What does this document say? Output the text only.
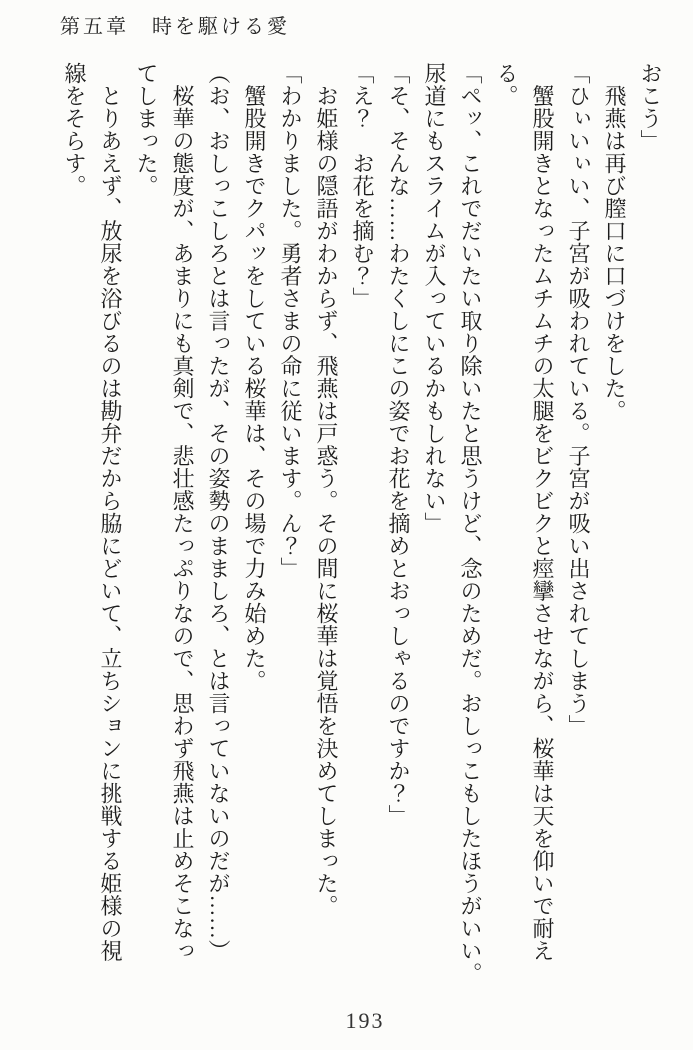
第五章　時を駆ける愛
おこう」
　飛燕は再び膣口に口づけをした。
「ひぃいぃい、子宮が吸われている。子宮が吸い出されてしまう」
　蟹股開きとなったムチムチの太腿をビクビクと痙攣させながら、桜華は天を仰いで耐え
る。
「ペッ、これでだいたい取り除いたと思うけど、念のためだ。おしっこもしたほうがいい。
尿道にもスライムが入っているかもしれない」
「そ、そんな……わたくしにこの姿でお花を摘めとおっしゃるのですか？」
「え？　お花を摘む？」
　お姫様の隠語がわからず、飛燕は戸惑う。その間に桜華は覚悟を決めてしまった。
「わかりました。勇者さまの命に従います。ん？」
　蟹股開きでクパッをしている桜華は、その場で力み始めた。
（お、おしっこしろとは言ったが、その姿勢のまましろ、とは言っていないのだが……）
　桜華の態度が、あまりにも真剣で、悲壮感たっぷりなので、思わず飛燕は止めそこなっ
てしまった。
　とりあえず、放尿を浴びるのは勘弁だから脇にどいて、立ちションに挑戦する姫様の視
線をそらす。
193
